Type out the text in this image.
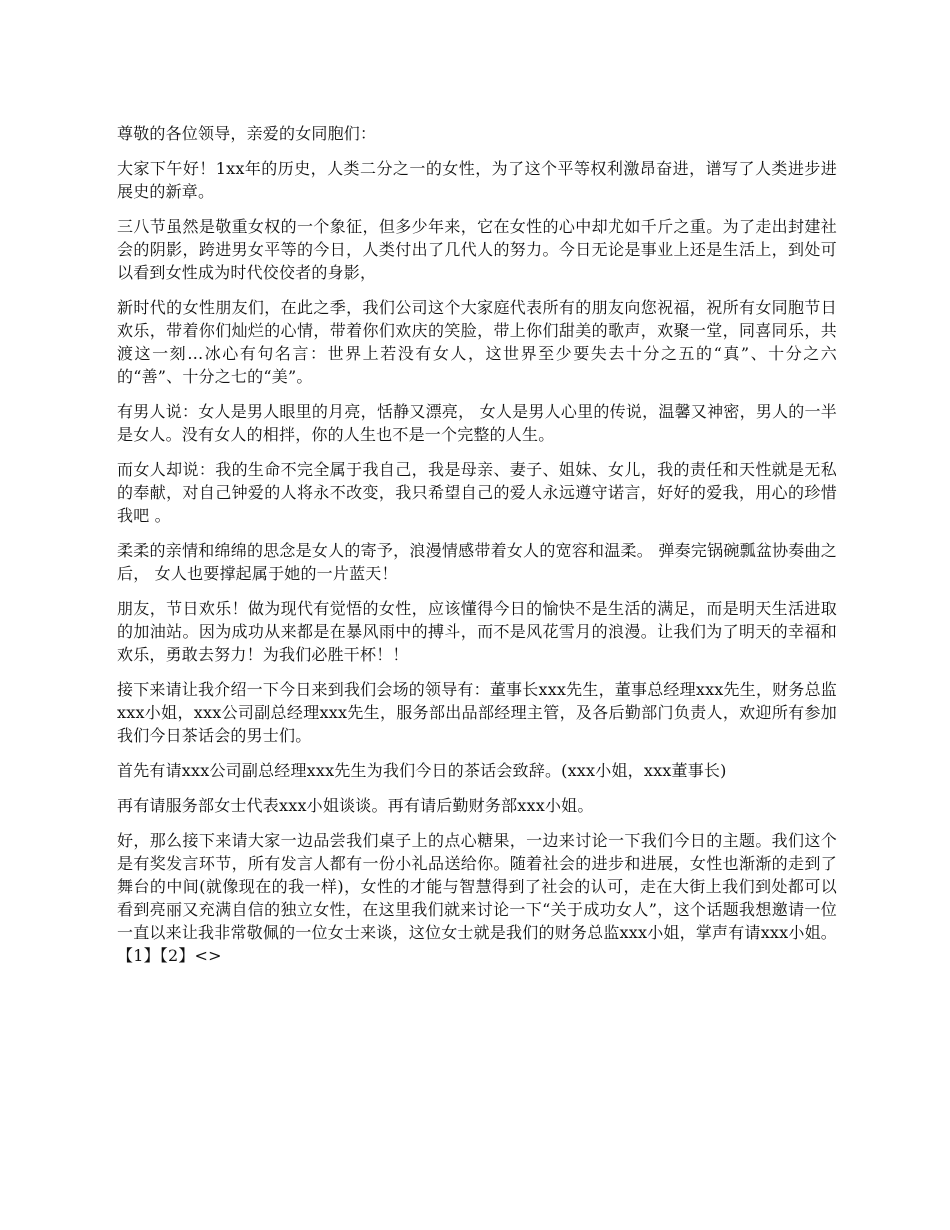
尊敬的各位领导，亲爱的女同胞们：

大家下午好！1xx年的历史，人类二分之一的女性，为了这个平等权利激昂奋进，谱写了人类进步进展史的新章。

三八节虽然是敬重女权的一个象征，但多少年来，它在女性的心中却尤如千斤之重。为了走出封建社会的阴影，跨进男女平等的今日，人类付出了几代人的努力。今日无论是事业上还是生活上，到处可以看到女性成为时代佼佼者的身影，

新时代的女性朋友们，在此之季，我们公司这个大家庭代表所有的朋友向您祝福，祝所有女同胞节日欢乐，带着你们灿烂的心情，带着你们欢庆的笑脸，带上你们甜美的歌声，欢聚一堂，同喜同乐，共渡这一刻…冰心有句名言：世界上若没有女人，这世界至少要失去十分之五的“真”、十分之六的“善”、十分之七的“美”。

有男人说：女人是男人眼里的月亮，恬静又漂亮， 女人是男人心里的传说，温馨又神密，男人的一半是女人。没有女人的相拌，你的人生也不是一个完整的人生。

而女人却说：我的生命不完全属于我自己，我是母亲、妻子、姐妹、女儿，我的责任和天性就是无私的奉献，对自己钟爱的人将永不改变，我只希望自己的爱人永远遵守诺言，好好的爱我，用心的珍惜我吧 。

柔柔的亲情和绵绵的思念是女人的寄予，浪漫情感带着女人的宽容和温柔。 弹奏完锅碗瓢盆协奏曲之后， 女人也要撑起属于她的一片蓝天！

朋友，节日欢乐！做为现代有觉悟的女性，应该懂得今日的愉快不是生活的满足，而是明天生活进取的加油站。因为成功从来都是在暴风雨中的搏斗，而不是风花雪月的浪漫。让我们为了明天的幸福和欢乐，勇敢去努力！为我们必胜干杯！！

接下来请让我介绍一下今日来到我们会场的领导有：董事长xxx先生，董事总经理xxx先生，财务总监xxx小姐，xxx公司副总经理xxx先生，服务部出品部经理主管，及各后勤部门负责人，欢迎所有参加我们今日茶话会的男士们。

首先有请xxx公司副总经理xxx先生为我们今日的茶话会致辞。(xxx小姐，xxx董事长)

再有请服务部女士代表xxx小姐谈谈。再有请后勤财务部xxx小姐。

好，那么接下来请大家一边品尝我们桌子上的点心糖果，一边来讨论一下我们今日的主题。我们这个是有奖发言环节，所有发言人都有一份小礼品送给你。随着社会的进步和进展，女性也渐渐的走到了舞台的中间(就像现在的我一样)，女性的才能与智慧得到了社会的认可，走在大街上我们到处都可以看到亮丽又充满自信的独立女性，在这里我们就来讨论一下“关于成功女人”，这个话题我想邀请一位一直以来让我非常敬佩的一位女士来谈，这位女士就是我们的财务总监xxx小姐，掌声有请xxx小姐。【1】【2】<>
